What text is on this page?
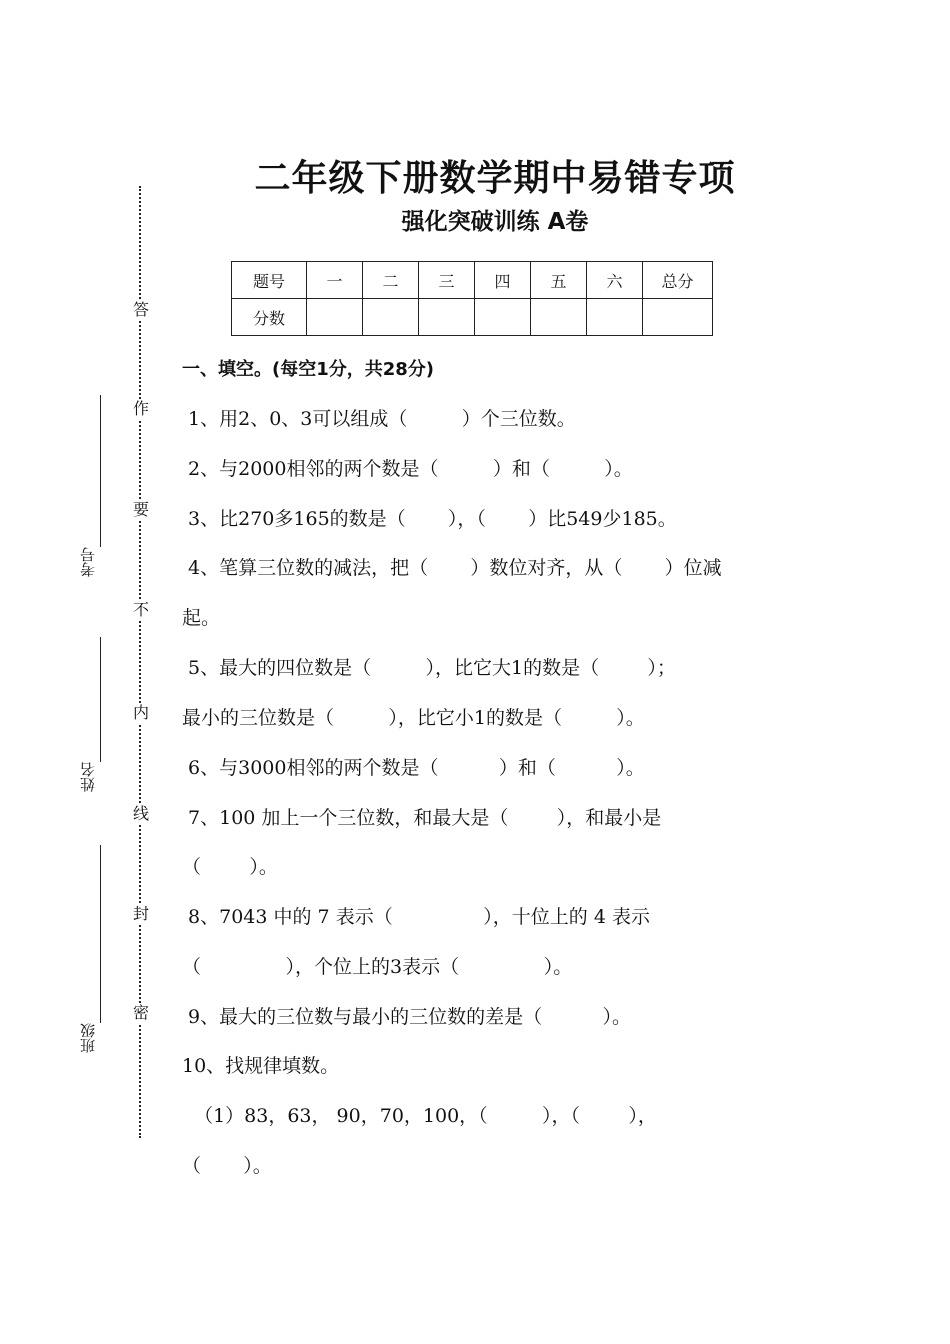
答
作
要
不
内
线
封
密
考号
姓名
班级
二年级下册数学期中易错专项
强化突破训练 A卷
题号	一	二	三	四	五	六	总分
分数							
一、填空。(每空1分，共28分)
1、用2、0、3可以组成（         ）个三位数。
2、与2000相邻的两个数是（         ）和（         ）。
3、比270多165的数是（       ），（       ）比549少185。
4、笔算三位数的减法，把（       ）数位对齐，从（       ）位减
起。
5、最大的四位数是（         ），比它大1的数是（        ）；
最小的三位数是（         ），比它小1的数是（         ）。
6、与3000相邻的两个数是（          ）和（          ）。
7、100 加上一个三位数，和最大是（        ），和最小是
（        ）。
8、7043 中的 7 表示（               ），十位上的 4 表示
（              ），个位上的3表示（              ）。
9、最大的三位数与最小的三位数的差是（          ）。
10、找规律填数。
（1）83，63， 90，70，100，（         ），（        ），
（       ）。
